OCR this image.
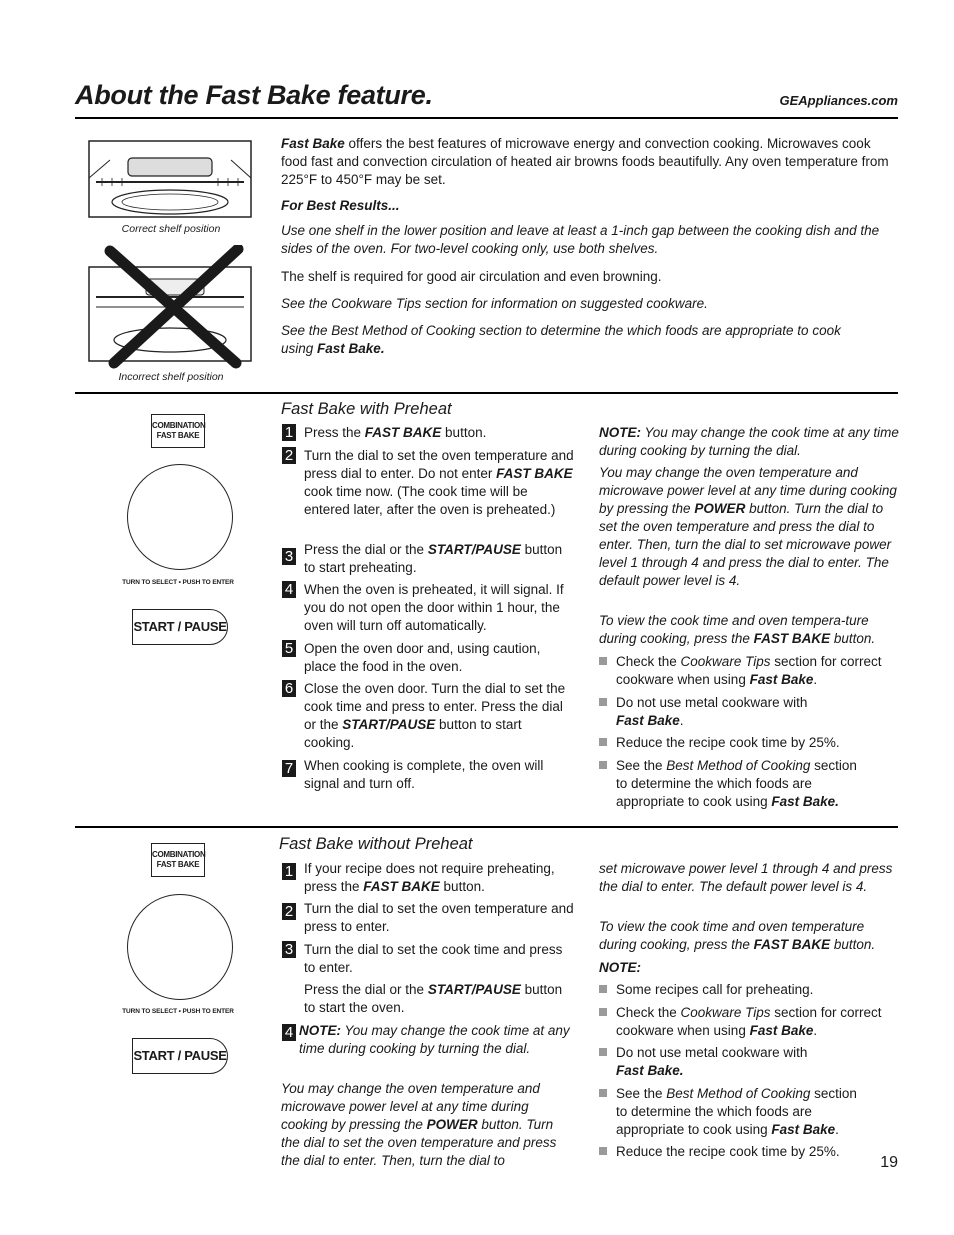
About the Fast Bake feature.	GEAppliances.com
Correct shelf position
Incorrect shelf position
Fast Bake offers the best features of microwave energy and convection cooking. Microwaves cook food fast and convection circulation of heated air browns foods beautifully. Any oven temperature from 225°F to 450°F may be set.
For Best Results...
Use one shelf in the lower position and leave at least a 1-inch gap between the cooking dish and the sides of the oven. For two-level cooking only, use both shelves.
The shelf is required for good air circulation and even browning.
See the Cookware Tips section for information on suggested cookware.
See the Best Method of Cooking section to determine the which foods are appropriate to cook using Fast Bake.
COMBINATION
FAST BAKE
TURN TO SELECT • PUSH TO ENTER
START / PAUSE
Fast Bake with Preheat
1 Press the FAST BAKE button.
2 Turn the dial to set the oven temperature and press dial to enter. Do not enter FAST BAKE cook time now. (The cook time will be entered later, after the oven is preheated.)
3 Press the dial or the START/PAUSE button to start preheating.
4 When the oven is preheated, it will signal. If you do not open the door within 1 hour, the oven will turn off automatically.
5 Open the oven door and, using caution, place the food in the oven.
6 Close the oven door. Turn the dial to set the cook time and press to enter. Press the dial or the START/PAUSE button to start cooking.
7 When cooking is complete, the oven will signal and turn off.
NOTE: You may change the cook time at any time during cooking by turning the dial.
You may change the oven temperature and microwave power level at any time during cooking by pressing the POWER button. Turn the dial to set the oven temperature and press the dial to enter. Then, turn the dial to set microwave power level 1 through 4 and press the dial to enter. The default power level is 4.
To view the cook time and oven tempera-ture during cooking, press the FAST BAKE button.
Check the Cookware Tips section for correct cookware when using Fast Bake.
Do not use metal cookware with
Fast Bake.
Reduce the recipe cook time by 25%.
See the Best Method of Cooking section to determine the which foods are appropriate to cook using Fast Bake.
COMBINATION
FAST BAKE
TURN TO SELECT • PUSH TO ENTER
START / PAUSE
Fast Bake without Preheat
1 If your recipe does not require preheating, press the FAST BAKE button.
2 Turn the dial to set the oven temperature and press to enter.
3 Turn the dial to set the cook time and press to enter.
Press the dial or the START/PAUSE button to start the oven.
4 NOTE: You may change the cook time at any time during cooking by turning the dial.
You may change the oven temperature and microwave power level at any time during cooking by pressing the POWER button. Turn the dial to set the oven temperature and press the dial to enter. Then, turn the dial to
set microwave power level 1 through 4 and press the dial to enter. The default power level is 4.
To view the cook time and oven temperature during cooking, press the FAST BAKE button.
NOTE:
Some recipes call for preheating.
Check the Cookware Tips section for correct cookware when using Fast Bake.
Do not use metal cookware with
Fast Bake.
See the Best Method of Cooking section to determine the which foods are appropriate to cook using Fast Bake.
Reduce the recipe cook time by 25%.
19
